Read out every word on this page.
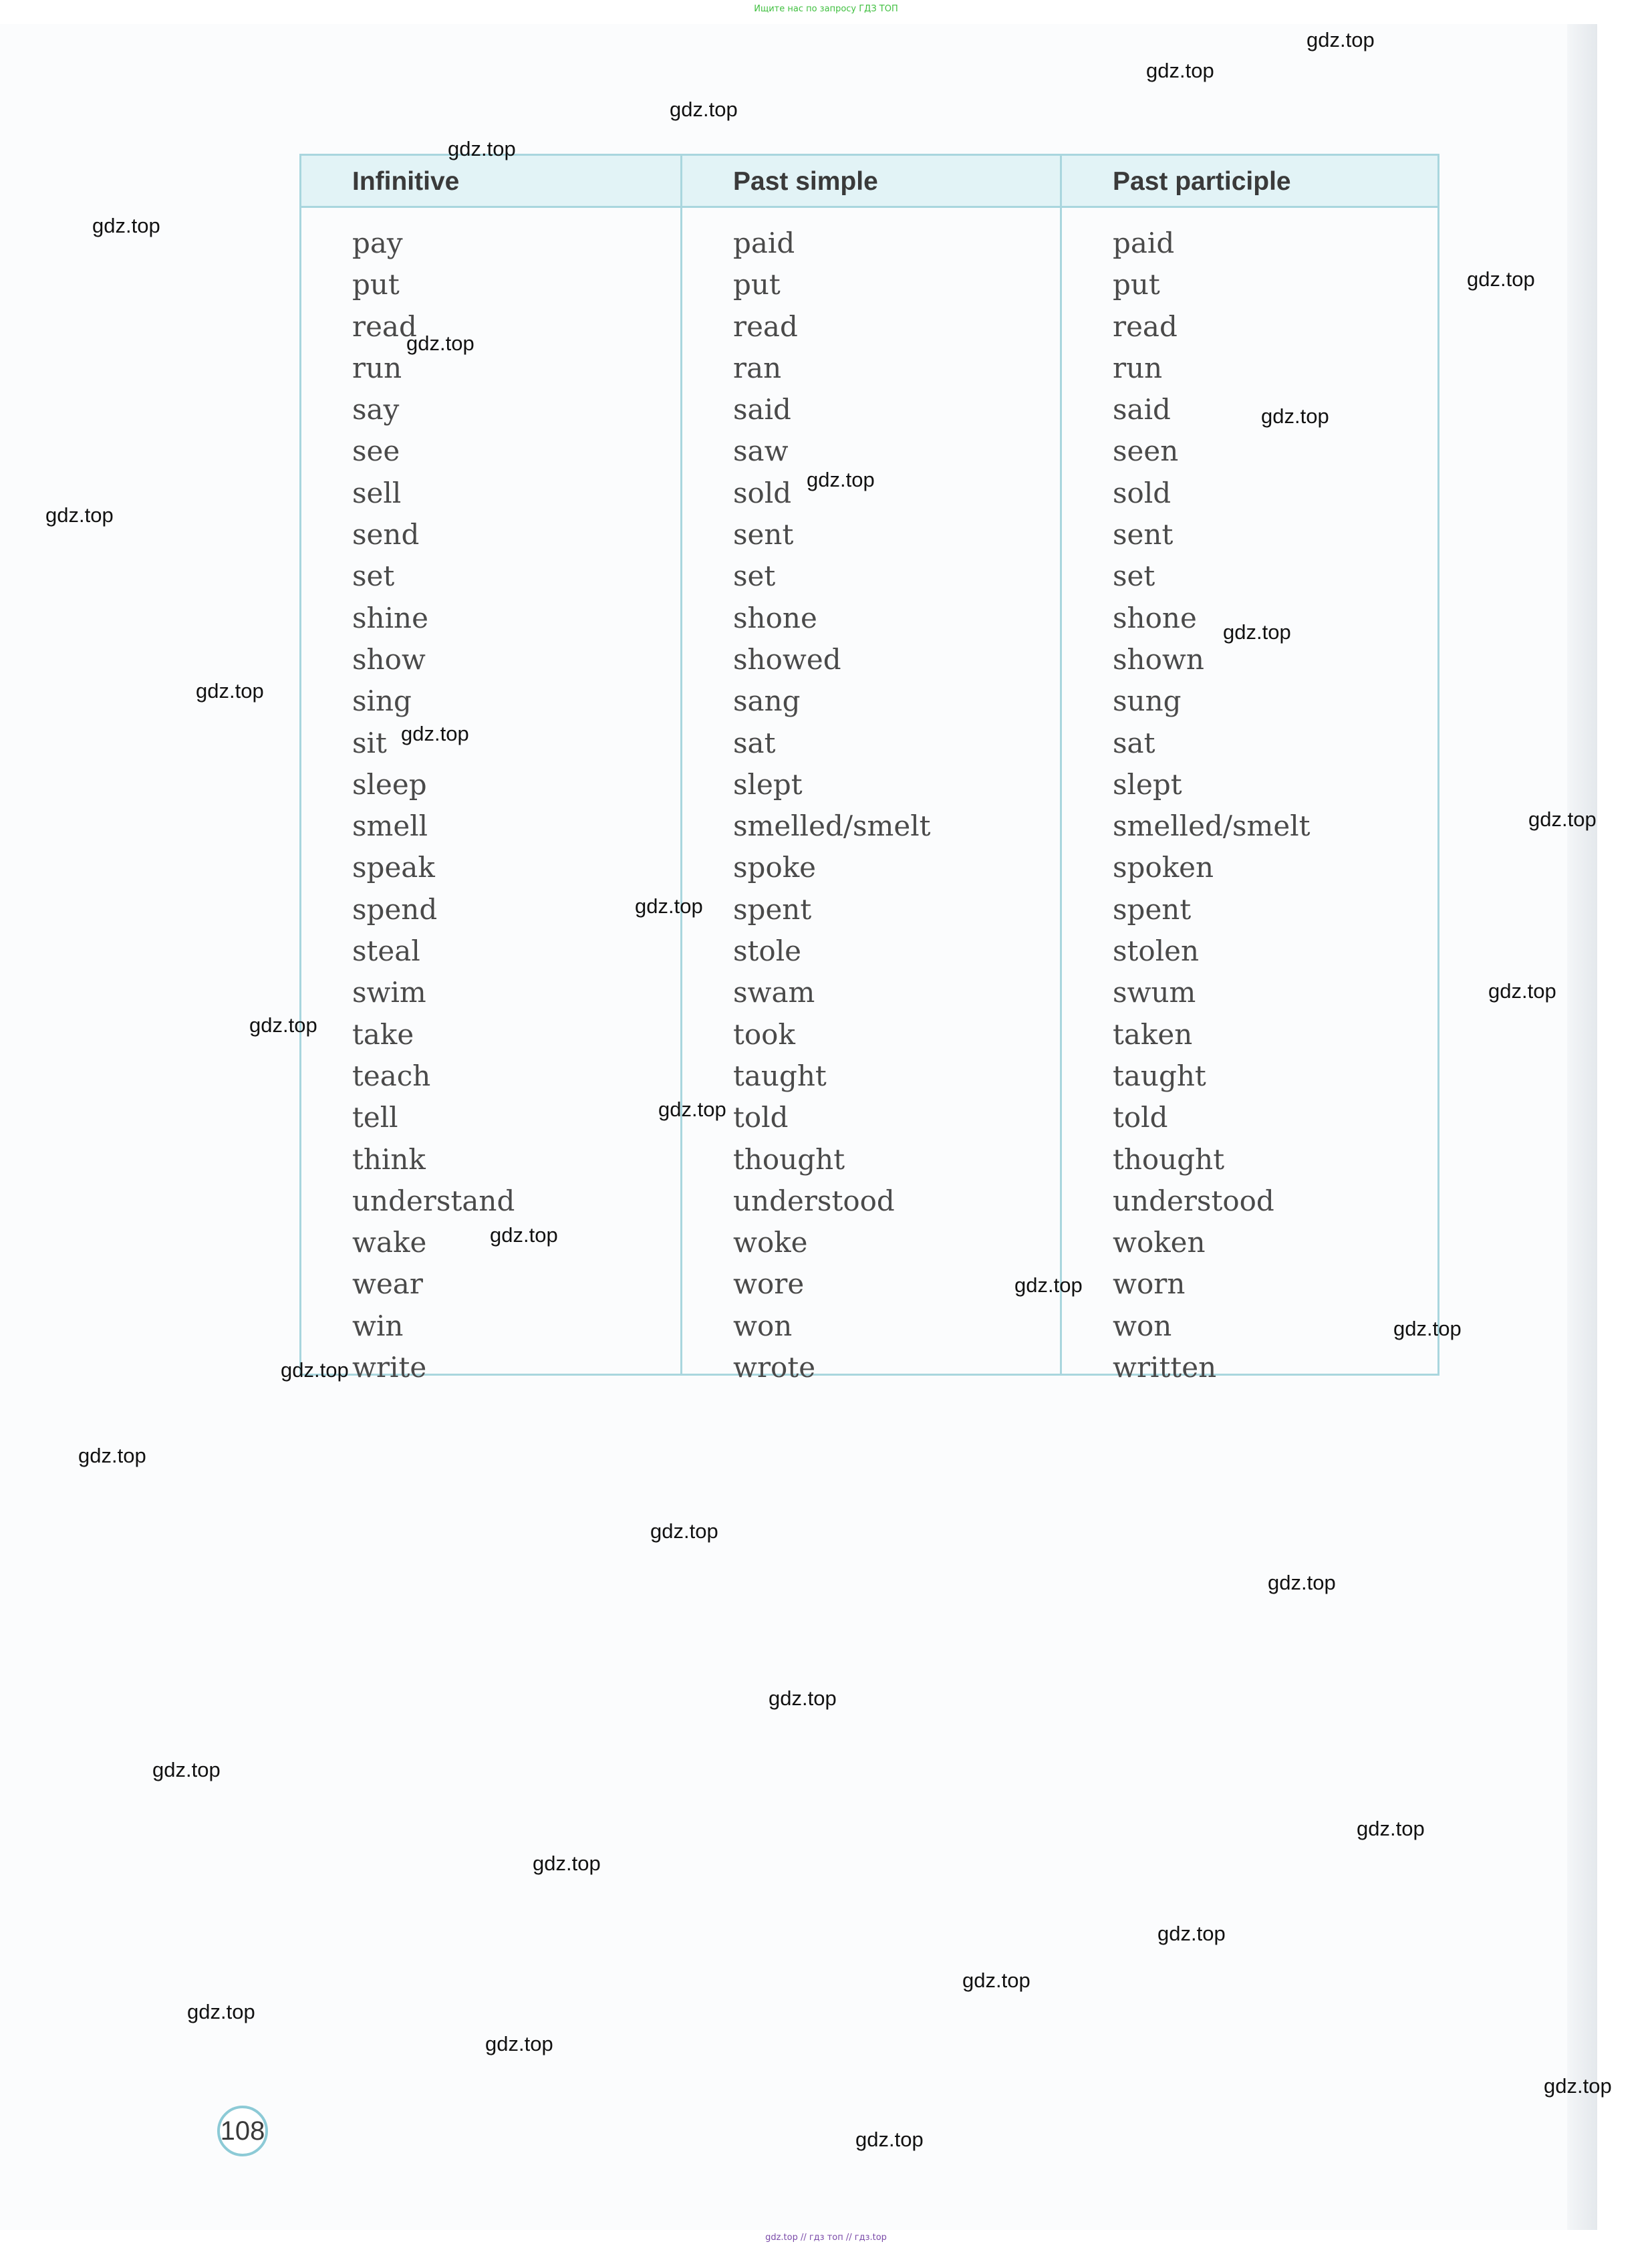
Ищите нас по запросу ГДЗ ТОП
Infinitive
pay
put
read
run
say
see
sell
send
set
shine
show
sing
sit
sleep
smell
speak
spend
steal
swim
take
teach
tell
think
understand
wake
wear
win
write
Past simple
paid
put
read
ran
said
saw
sold
sent
set
shone
showed
sang
sat
slept
smelled/smelt
spoke
spent
stole
swam
took
taught
told
thought
understood
woke
wore
won
wrote
Past participle
paid
put
read
run
said
seen
sold
sent
set
shone
shown
sung
sat
slept
smelled/smelt
spoken
spent
stolen
swum
taken
taught
told
thought
understood
woken
worn
won
written
108
gdz.top
gdz.top
gdz.top
gdz.top
gdz.top
gdz.top
gdz.top
gdz.top
gdz.top
gdz.top
gdz.top
gdz.top
gdz.top
gdz.top
gdz.top
gdz.top
gdz.top
gdz.top
gdz.top
gdz.top
gdz.top
gdz.top
gdz.top
gdz.top
gdz.top
gdz.top
gdz.top
gdz.top
gdz.top
gdz.top
gdz.top
gdz.top
gdz.top
gdz.top
gdz.top
gdz.top // гдз топ // гдз.top
